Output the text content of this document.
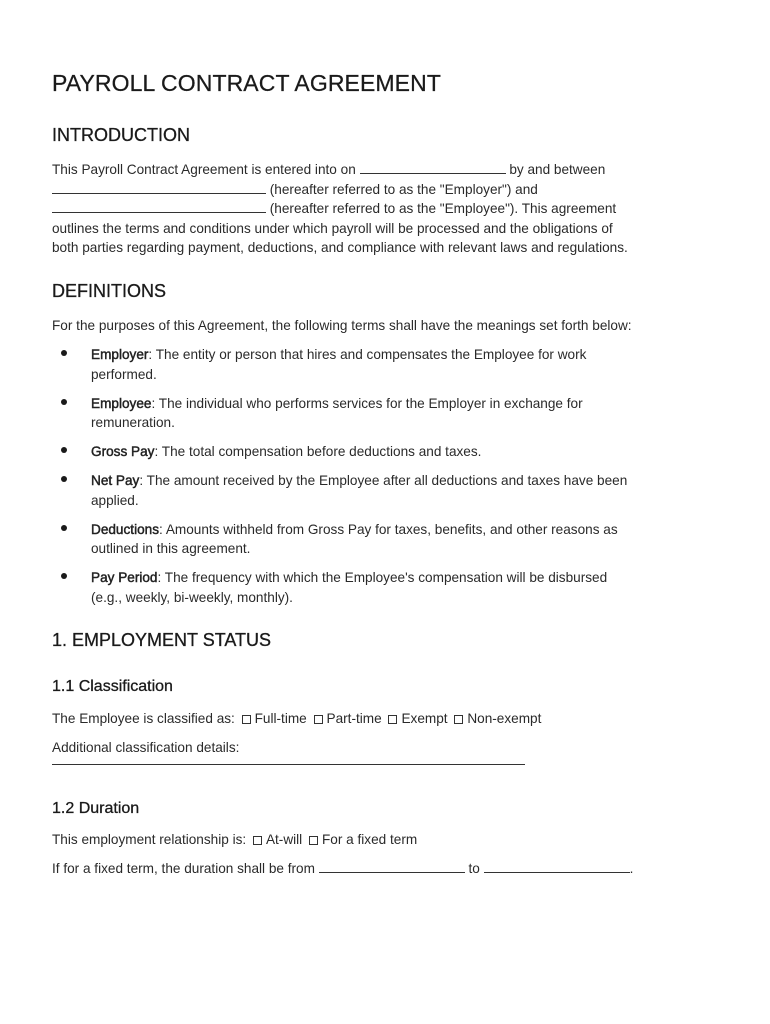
PAYROLL CONTRACT AGREEMENT
INTRODUCTION

This Payroll Contract Agreement is entered into on	by and between
(hereafter referred to as the "Employer") and
(hereafter referred to as the "Employee"). This agreement
outlines the terms and conditions under which payroll will be processed and the obligations of
both parties regarding payment, deductions, and compliance with relevant laws and regulations.

DEFINITIONS

For the purposes of this Agreement, the following terms shall have the meanings set forth below:

Employer: The entity or person that hires and compensates the Employee for work
performed.
Employee: The individual who performs services for the Employer in exchange for
remuneration.
Gross Pay: The total compensation before deductions and taxes.
Net Pay: The amount received by the Employee after all deductions and taxes have been
applied.
Deductions: Amounts withheld from Gross Pay for taxes, benefits, and other reasons as
outlined in this agreement.
Pay Period: The frequency with which the Employee's compensation will be disbursed
(e.g., weekly, bi-weekly, monthly).
1. EMPLOYMENT STATUS
1.1 Classification

The Employee is classified as: Full-time Part-time Exempt Non-exempt

Additional classification details:

1.2 Duration

This employment relationship is: At-will For a fixed term

If for a fixed term, the duration shall be from	to	.
